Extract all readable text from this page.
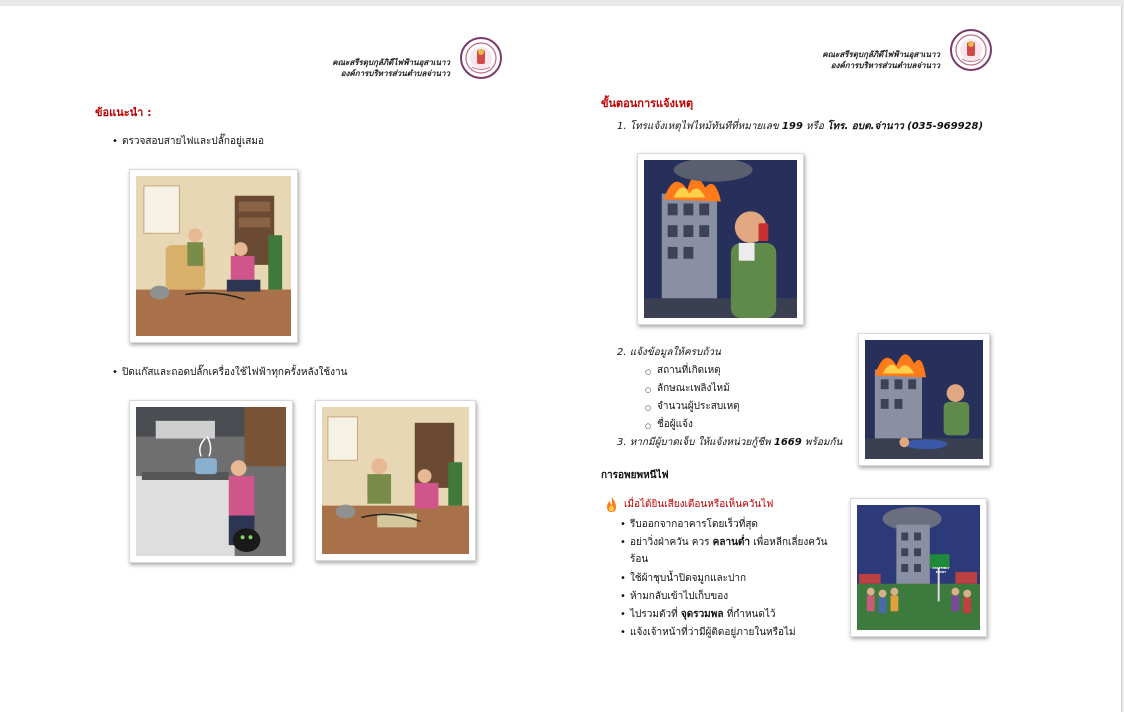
คณะสรีรดุบกุลัภิดีไฟฟ้านอุสาเนาว
องค์การบริหารส่วนตำบลจ่านาว
ข้อแนะนำ :
• ตรวจสอบสายไฟและปลั๊กอยู่เสมอ
• ปิดแก๊สและถอดปลั๊กเครื่องใช้ไฟฟ้าทุกครั้งหลังใช้งาน
คณะสรีรดุบกุลัภิดีไฟฟ้านอุสาเนาว
องค์การบริหารส่วนตำบลจ่านาว
ขั้นตอนการแจ้งเหตุ
1. โทรแจ้งเหตุไฟไหม้ทันทีที่หมายเลข 199 หรือ โทร. อบต.จ่านาว (035-969928)
2. แจ้งข้อมูลให้ครบถ้วน
○ สถานที่เกิดเหตุ
○ ลักษณะเพลิงไหม้
○ จำนวนผู้ประสบเหตุ
○ ชื่อผู้แจ้ง
3. หากมีผู้บาดเจ็บ ให้แจ้งหน่วยกู้ชีพ 1669 พร้อมกัน
การอพยพหนีไฟ
เมื่อได้ยินเสียงเตือนหรือเห็นควันไฟ
• รีบออกจากอาคารโดยเร็วที่สุด
• อย่าวิ่งฝ่าควัน ควร คลานต่ำ เพื่อหลีกเลี่ยงควัน
ร้อน
• ใช้ผ้าชุบน้ำปิดจมูกและปาก
• ห้ามกลับเข้าไปเก็บของ
• ไปรวมตัวที่ จุดรวมพล ที่กำหนดไว้
• แจ้งเจ้าหน้าที่ว่ามีผู้ติดอยู่ภายในหรือไม่
ASSEMBLY POINT
